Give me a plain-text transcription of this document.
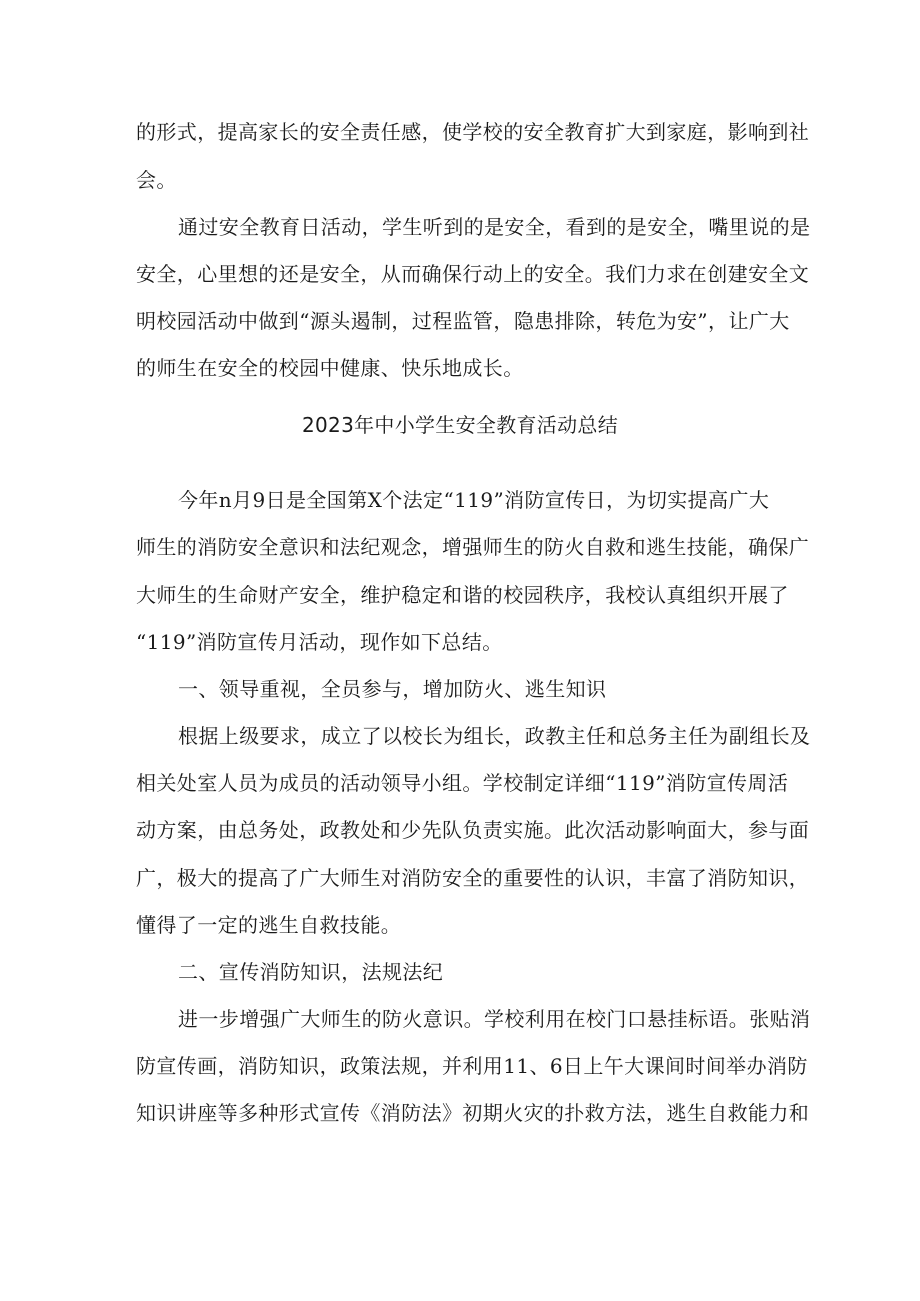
的形式，提高家长的安全责任感，使学校的安全教育扩大到家庭，影响到社
会。
通过安全教育日活动，学生听到的是安全，看到的是安全，嘴里说的是
安全，心里想的还是安全，从而确保行动上的安全。我们力求在创建安全文
明校园活动中做到“源头遏制，过程监管，隐患排除，转危为安”，让广大
的师生在安全的校园中健康、快乐地成长。
2023年中小学生安全教育活动总结
今年n月9日是全国第X个法定“119”消防宣传日，为切实提高广大
师生的消防安全意识和法纪观念，增强师生的防火自救和逃生技能，确保广
大师生的生命财产安全，维护稳定和谐的校园秩序，我校认真组织开展了
“119”消防宣传月活动，现作如下总结。
一、领导重视，全员参与，增加防火、逃生知识
根据上级要求，成立了以校长为组长，政教主任和总务主任为副组长及
相关处室人员为成员的活动领导小组。学校制定详细“119”消防宣传周活
动方案，由总务处，政教处和少先队负责实施。此次活动影响面大，参与面
广，极大的提高了广大师生对消防安全的重要性的认识，丰富了消防知识，
懂得了一定的逃生自救技能。
二、宣传消防知识，法规法纪
进一步增强广大师生的防火意识。学校利用在校门口悬挂标语。张贴消
防宣传画，消防知识，政策法规，并利用11、6日上午大课间时间举办消防
知识讲座等多种形式宣传《消防法》初期火灾的扑救方法，逃生自救能力和
